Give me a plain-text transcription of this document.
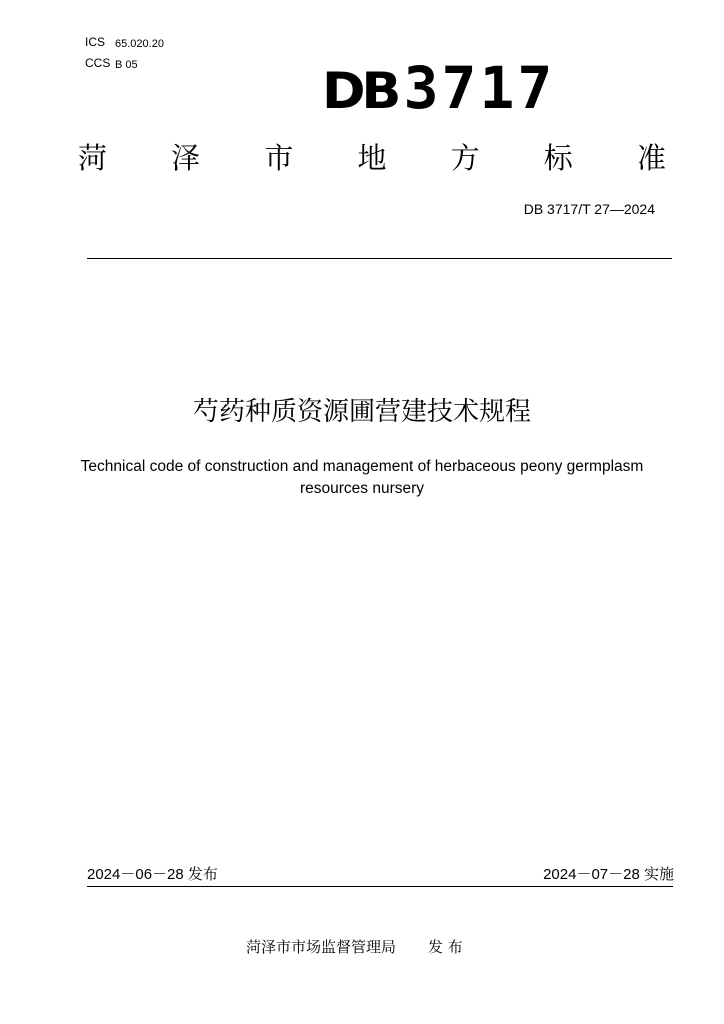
ICS 65.020.20
CCS B 05	DB 3717
菏 泽 市 地 方 标 准
DB 3717/T 27—2024
芍药种质资源圃营建技术规程
Technical code of construction and management of herbaceous peony germplasm resources nursery
2024－06－28 发布	2024－07－28 实施
菏泽市市场监督管理局 发 布
